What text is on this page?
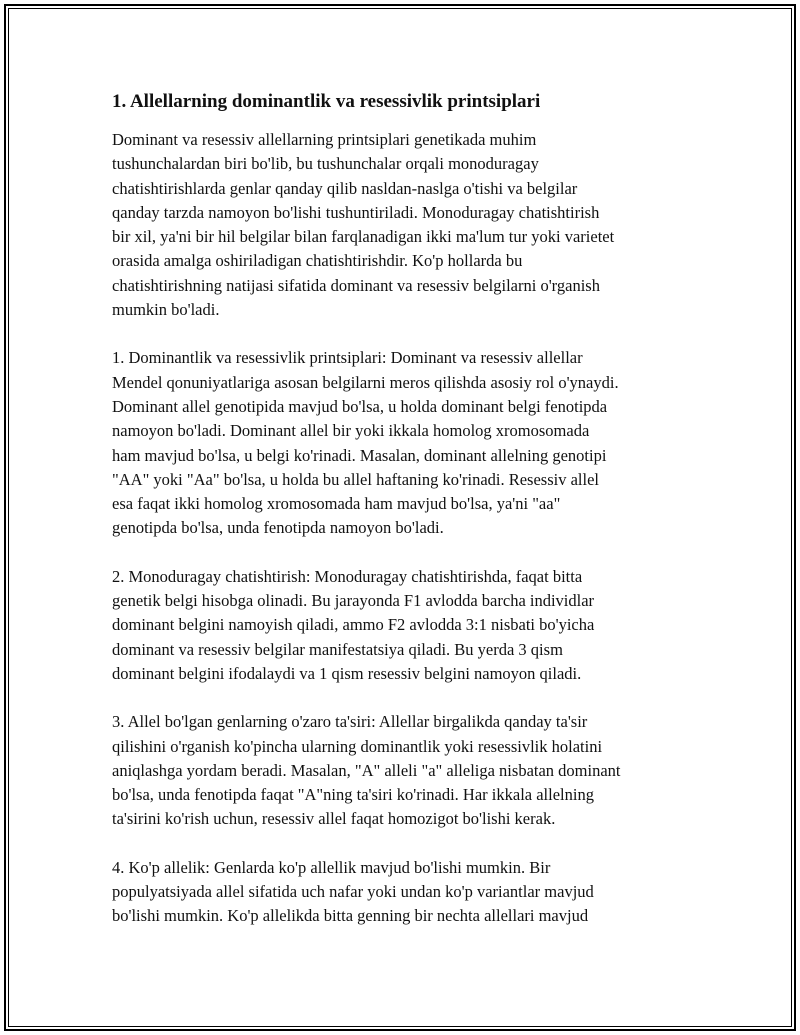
1. Allellarning dominantlik va resessivlik printsiplari

Dominant va resessiv allellarning printsiplari genetikada muhim
tushunchalardan biri bo'lib, bu tushunchalar orqali monoduragay
chatishtirishlarda genlar qanday qilib nasldan-naslga o'tishi va belgilar
qanday tarzda namoyon bo'lishi tushuntiriladi. Monoduragay chatishtirish
bir xil, ya'ni bir hil belgilar bilan farqlanadigan ikki ma'lum tur yoki varietet
orasida amalga oshiriladigan chatishtirishdir. Ko'p hollarda bu
chatishtirishning natijasi sifatida dominant va resessiv belgilarni o'rganish
mumkin bo'ladi.

1. Dominantlik va resessivlik printsiplari: Dominant va resessiv allellar
Mendel qonuniyatlariga asosan belgilarni meros qilishda asosiy rol o'ynaydi.
Dominant allel genotipida mavjud bo'lsa, u holda dominant belgi fenotipda
namoyon bo'ladi. Dominant allel bir yoki ikkala homolog xromosomada
ham mavjud bo'lsa, u belgi ko'rinadi. Masalan, dominant allelning genotipi
"AA" yoki "Aa" bo'lsa, u holda bu allel haftaning ko'rinadi. Resessiv allel
esa faqat ikki homolog xromosomada ham mavjud bo'lsa, ya'ni "aa"
genotipda bo'lsa, unda fenotipda namoyon bo'ladi.

2. Monoduragay chatishtirish: Monoduragay chatishtirishda, faqat bitta
genetik belgi hisobga olinadi. Bu jarayonda F1 avlodda barcha individlar
dominant belgini namoyish qiladi, ammo F2 avlodda 3:1 nisbati bo'yicha
dominant va resessiv belgilar manifestatsiya qiladi. Bu yerda 3 qism
dominant belgini ifodalaydi va 1 qism resessiv belgini namoyon qiladi.

3. Allel bo'lgan genlarning o'zaro ta'siri: Allellar birgalikda qanday ta'sir
qilishini o'rganish ko'pincha ularning dominantlik yoki resessivlik holatini
aniqlashga yordam beradi. Masalan, "A" alleli "a" alleliga nisbatan dominant
bo'lsa, unda fenotipda faqat "A"ning ta'siri ko'rinadi. Har ikkala allelning
ta'sirini ko'rish uchun, resessiv allel faqat homozigot bo'lishi kerak.

4. Ko'p allelik: Genlarda ko'p allellik mavjud bo'lishi mumkin. Bir
populyatsiyada allel sifatida uch nafar yoki undan ko'p variantlar mavjud
bo'lishi mumkin. Ko'p allelikda bitta genning bir nechta allellari mavjud
